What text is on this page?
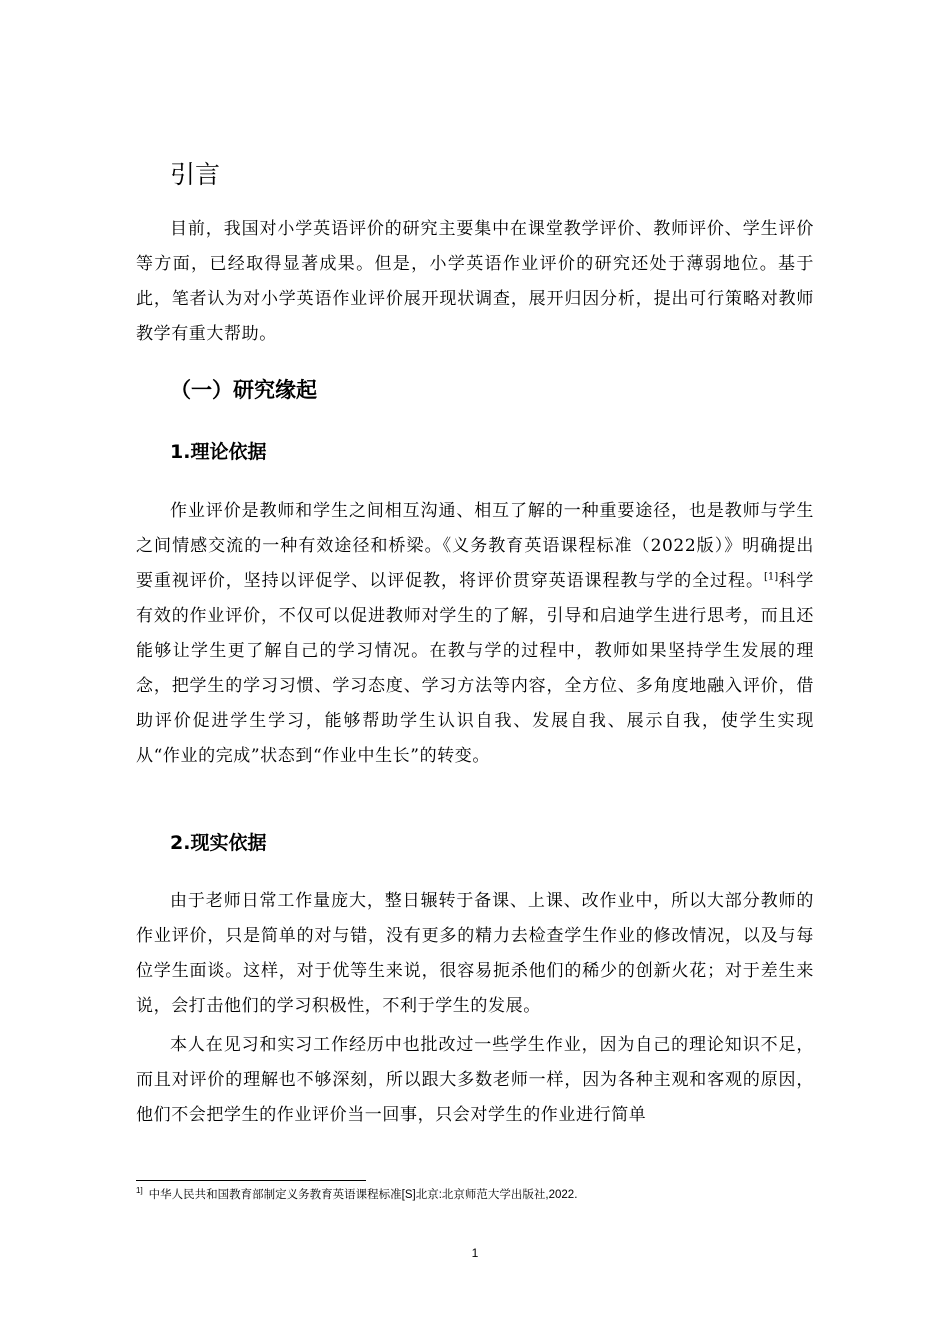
引言

目前，我国对小学英语评价的研究主要集中在课堂教学评价、教师评价、学生评价等方面，已经取得显著成果。但是，小学英语作业评价的研究还处于薄弱地位。基于此，笔者认为对小学英语作业评价展开现状调查，展开归因分析，提出可行策略对教师教学有重大帮助。

（一）研究缘起
1.理论依据

作业评价是教师和学生之间相互沟通、相互了解的一种重要途径，也是教师与学生之间情感交流的一种有效途径和桥梁。《义务教育英语课程标准（2022版）》明确提出要重视评价，坚持以评促学、以评促教，将评价贯穿英语课程教与学的全过程。[1]科学有效的作业评价，不仅可以促进教师对学生的了解，引导和启迪学生进行思考，而且还能够让学生更了解自己的学习情况。在教与学的过程中，教师如果坚持学生发展的理念，把学生的学习习惯、学习态度、学习方法等内容，全方位、多角度地融入评价，借助评价促进学生学习，能够帮助学生认识自我、发展自我、展示自我，使学生实现从“作业的完成”状态到“作业中生长”的转变。

2.现实依据

由于老师日常工作量庞大，整日辗转于备课、上课、改作业中，所以大部分教师的作业评价，只是简单的对与错，没有更多的精力去检查学生作业的修改情况，以及与每位学生面谈。这样，对于优等生来说，很容易扼杀他们的稀少的创新火花；对于差生来说，会打击他们的学习积极性，不利于学生的发展。

本人在见习和实习工作经历中也批改过一些学生作业，因为自己的理论知识不足，而且对评价的理解也不够深刻，所以跟大多数老师一样，因为各种主观和客观的原因，他们不会把学生的作业评价当一回事，只会对学生的作业进行简单

$^{1]}$ 中华人民共和国教育部制定义务教育英语课程标准[S]北京:北京师范大学出版社,2022.
1
